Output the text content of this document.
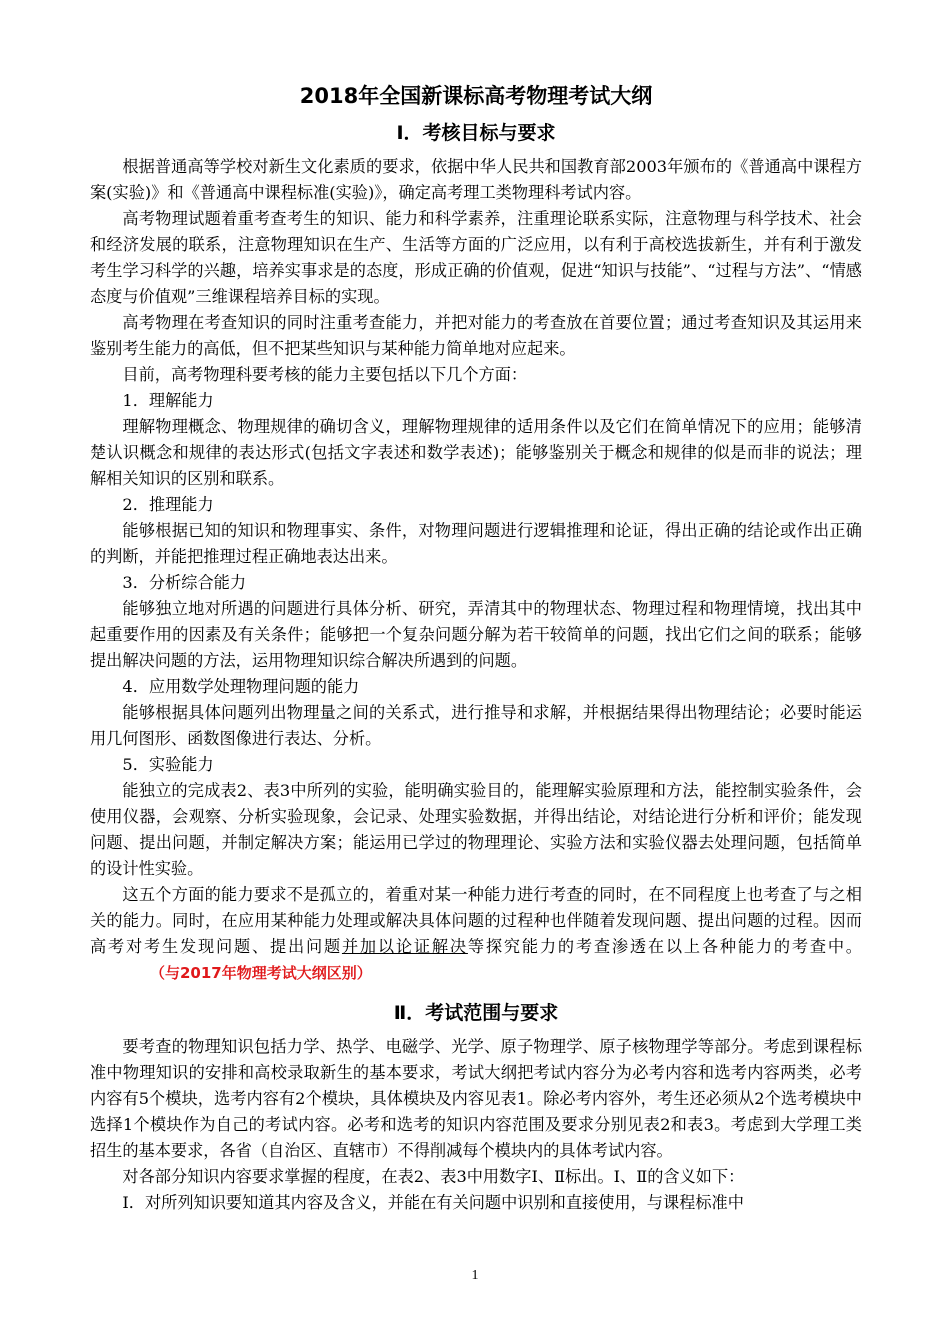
2018年全国新课标高考物理考试大纲
Ⅰ．考核目标与要求

根据普通高等学校对新生文化素质的要求，依据中华人民共和国教育部2003年颁布的《普通高中课程方案(实验)》和《普通高中课程标准(实验)》，确定高考理工类物理科考试内容。

高考物理试题着重考查考生的知识、能力和科学素养，注重理论联系实际，注意物理与科学技术、社会和经济发展的联系，注意物理知识在生产、生活等方面的广泛应用，以有利于高校选拔新生，并有利于激发考生学习科学的兴趣，培养实事求是的态度，形成正确的价值观，促进“知识与技能”、“过程与方法”、“情感态度与价值观”三维课程培养目标的实现。

高考物理在考查知识的同时注重考查能力，并把对能力的考查放在首要位置；通过考查知识及其运用来鉴别考生能力的高低，但不把某些知识与某种能力简单地对应起来。

目前，高考物理科要考核的能力主要包括以下几个方面：

1．理解能力

理解物理概念、物理规律的确切含义，理解物理规律的适用条件以及它们在简单情况下的应用；能够清楚认识概念和规律的表达形式(包括文字表述和数学表述)；能够鉴别关于概念和规律的似是而非的说法；理解相关知识的区别和联系。

2．推理能力

能够根据已知的知识和物理事实、条件，对物理问题进行逻辑推理和论证，得出正确的结论或作出正确的判断，并能把推理过程正确地表达出来。

3．分析综合能力

能够独立地对所遇的问题进行具体分析、研究，弄清其中的物理状态、物理过程和物理情境，找出其中起重要作用的因素及有关条件；能够把一个复杂问题分解为若干较简单的问题，找出它们之间的联系；能够提出解决问题的方法，运用物理知识综合解决所遇到的问题。

4．应用数学处理物理问题的能力

能够根据具体问题列出物理量之间的关系式，进行推导和求解，并根据结果得出物理结论；必要时能运用几何图形、函数图像进行表达、分析。

5．实验能力

能独立的完成表2、表3中所列的实验，能明确实验目的，能理解实验原理和方法，能控制实验条件，会使用仪器，会观察、分析实验现象，会记录、处理实验数据，并得出结论，对结论进行分析和评价；能发现问题、提出问题，并制定解决方案；能运用已学过的物理理论、实验方法和实验仪器去处理问题，包括简单的设计性实验。

这五个方面的能力要求不是孤立的，着重对某一种能力进行考查的同时，在不同程度上也考查了与之相关的能力。同时，在应用某种能力处理或解决具体问题的过程种也伴随着发现问题、提出问题的过程。因而高考对考生发现问题、提出问题并加以论证解决等探究能力的考查渗透在以上各种能力的考查中。（与2017年物理考试大纲区别）

Ⅱ．考试范围与要求

要考查的物理知识包括力学、热学、电磁学、光学、原子物理学、原子核物理学等部分。考虑到课程标准中物理知识的安排和高校录取新生的基本要求，考试大纲把考试内容分为必考内容和选考内容两类，必考内容有5个模块，选考内容有2个模块，具体模块及内容见表1。除必考内容外，考生还必须从2个选考模块中选择1个模块作为自己的考试内容。必考和选考的知识内容范围及要求分别见表2和表3。考虑到大学理工类招生的基本要求，各省（自治区、直辖市）不得削减每个模块内的具体考试内容。

对各部分知识内容要求掌握的程度，在表2、表3中用数字Ⅰ、Ⅱ标出。Ⅰ、Ⅱ的含义如下：

Ⅰ．对所列知识要知道其内容及含义，并能在有关问题中识别和直接使用，与课程标准中

1
